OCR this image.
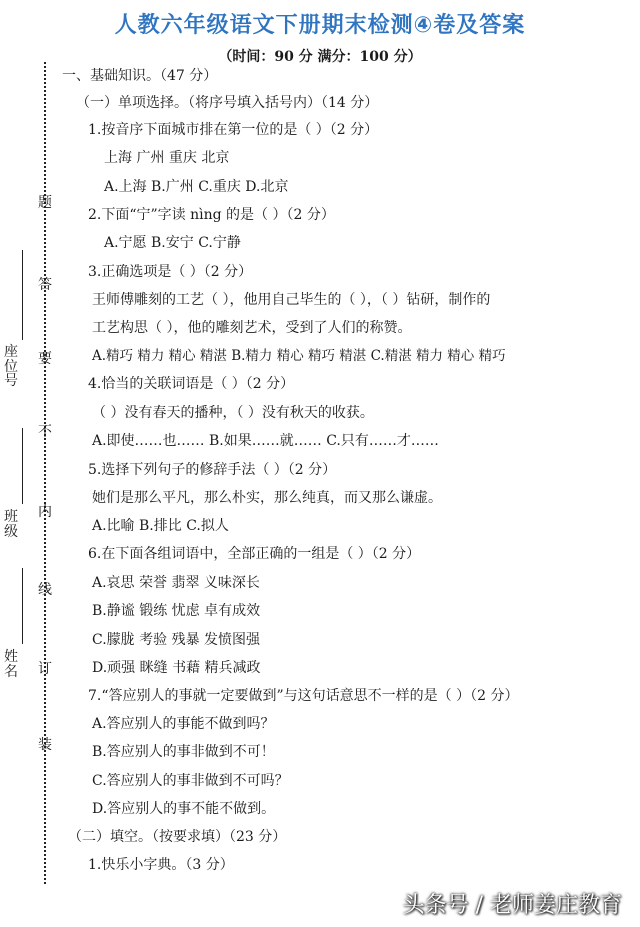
人教六年级语文下册期末检测④卷及答案
（时间：90 分 满分：100 分）
题
答
要
不
内
线
订
装
座
位
号
班
级
姓
名
一、基础知识。（47 分）
（一）单项选择。（将序号填入括号内）（14 分）
1.按音序下面城市排在第一位的是（ ）（2 分）
上海 广州 重庆 北京
A.上海 B.广州 C.重庆 D.北京
2.下面“宁”字读 nìng 的是（ ）（2 分）
A.宁愿 B.安宁 C.宁静
3.正确选项是（ ）（2 分）
王师傅雕刻的工艺（ ），他用自己毕生的（ ），（ ）钻研，制作的
工艺构思（ ），他的雕刻艺术，受到了人们的称赞。
A.精巧 精力 精心 精湛 B.精力 精心 精巧 精湛 C.精湛 精力 精心 精巧
4.恰当的关联词语是（ ）（2 分）
（ ）没有春天的播种，（ ）没有秋天的收获。
A.即使……也…… B.如果……就…… C.只有……才……
5.选择下列句子的修辞手法（ ）（2 分）
她们是那么平凡，那么朴实，那么纯真，而又那么谦虚。
A.比喻 B.排比 C.拟人
6.在下面各组词语中，全部正确的一组是（ ）（2 分）
A.哀思 荣誉 翡翠 义味深长
B.静谧 锻练 忧虑 卓有成效
C.朦胧 考验 残暴 发愤图强
D.顽强 眯缝 书藉 精兵减政
7.“答应别人的事就一定要做到”与这句话意思不一样的是（ ）（2 分）
A.答应别人的事能不做到吗？
B.答应别人的事非做到不可！
C.答应别人的事非做到不可吗？
D.答应别人的事不能不做到。
（二）填空。（按要求填）（23 分）
1.快乐小字典。（3 分）
头条号 / 老师姜庄教育
